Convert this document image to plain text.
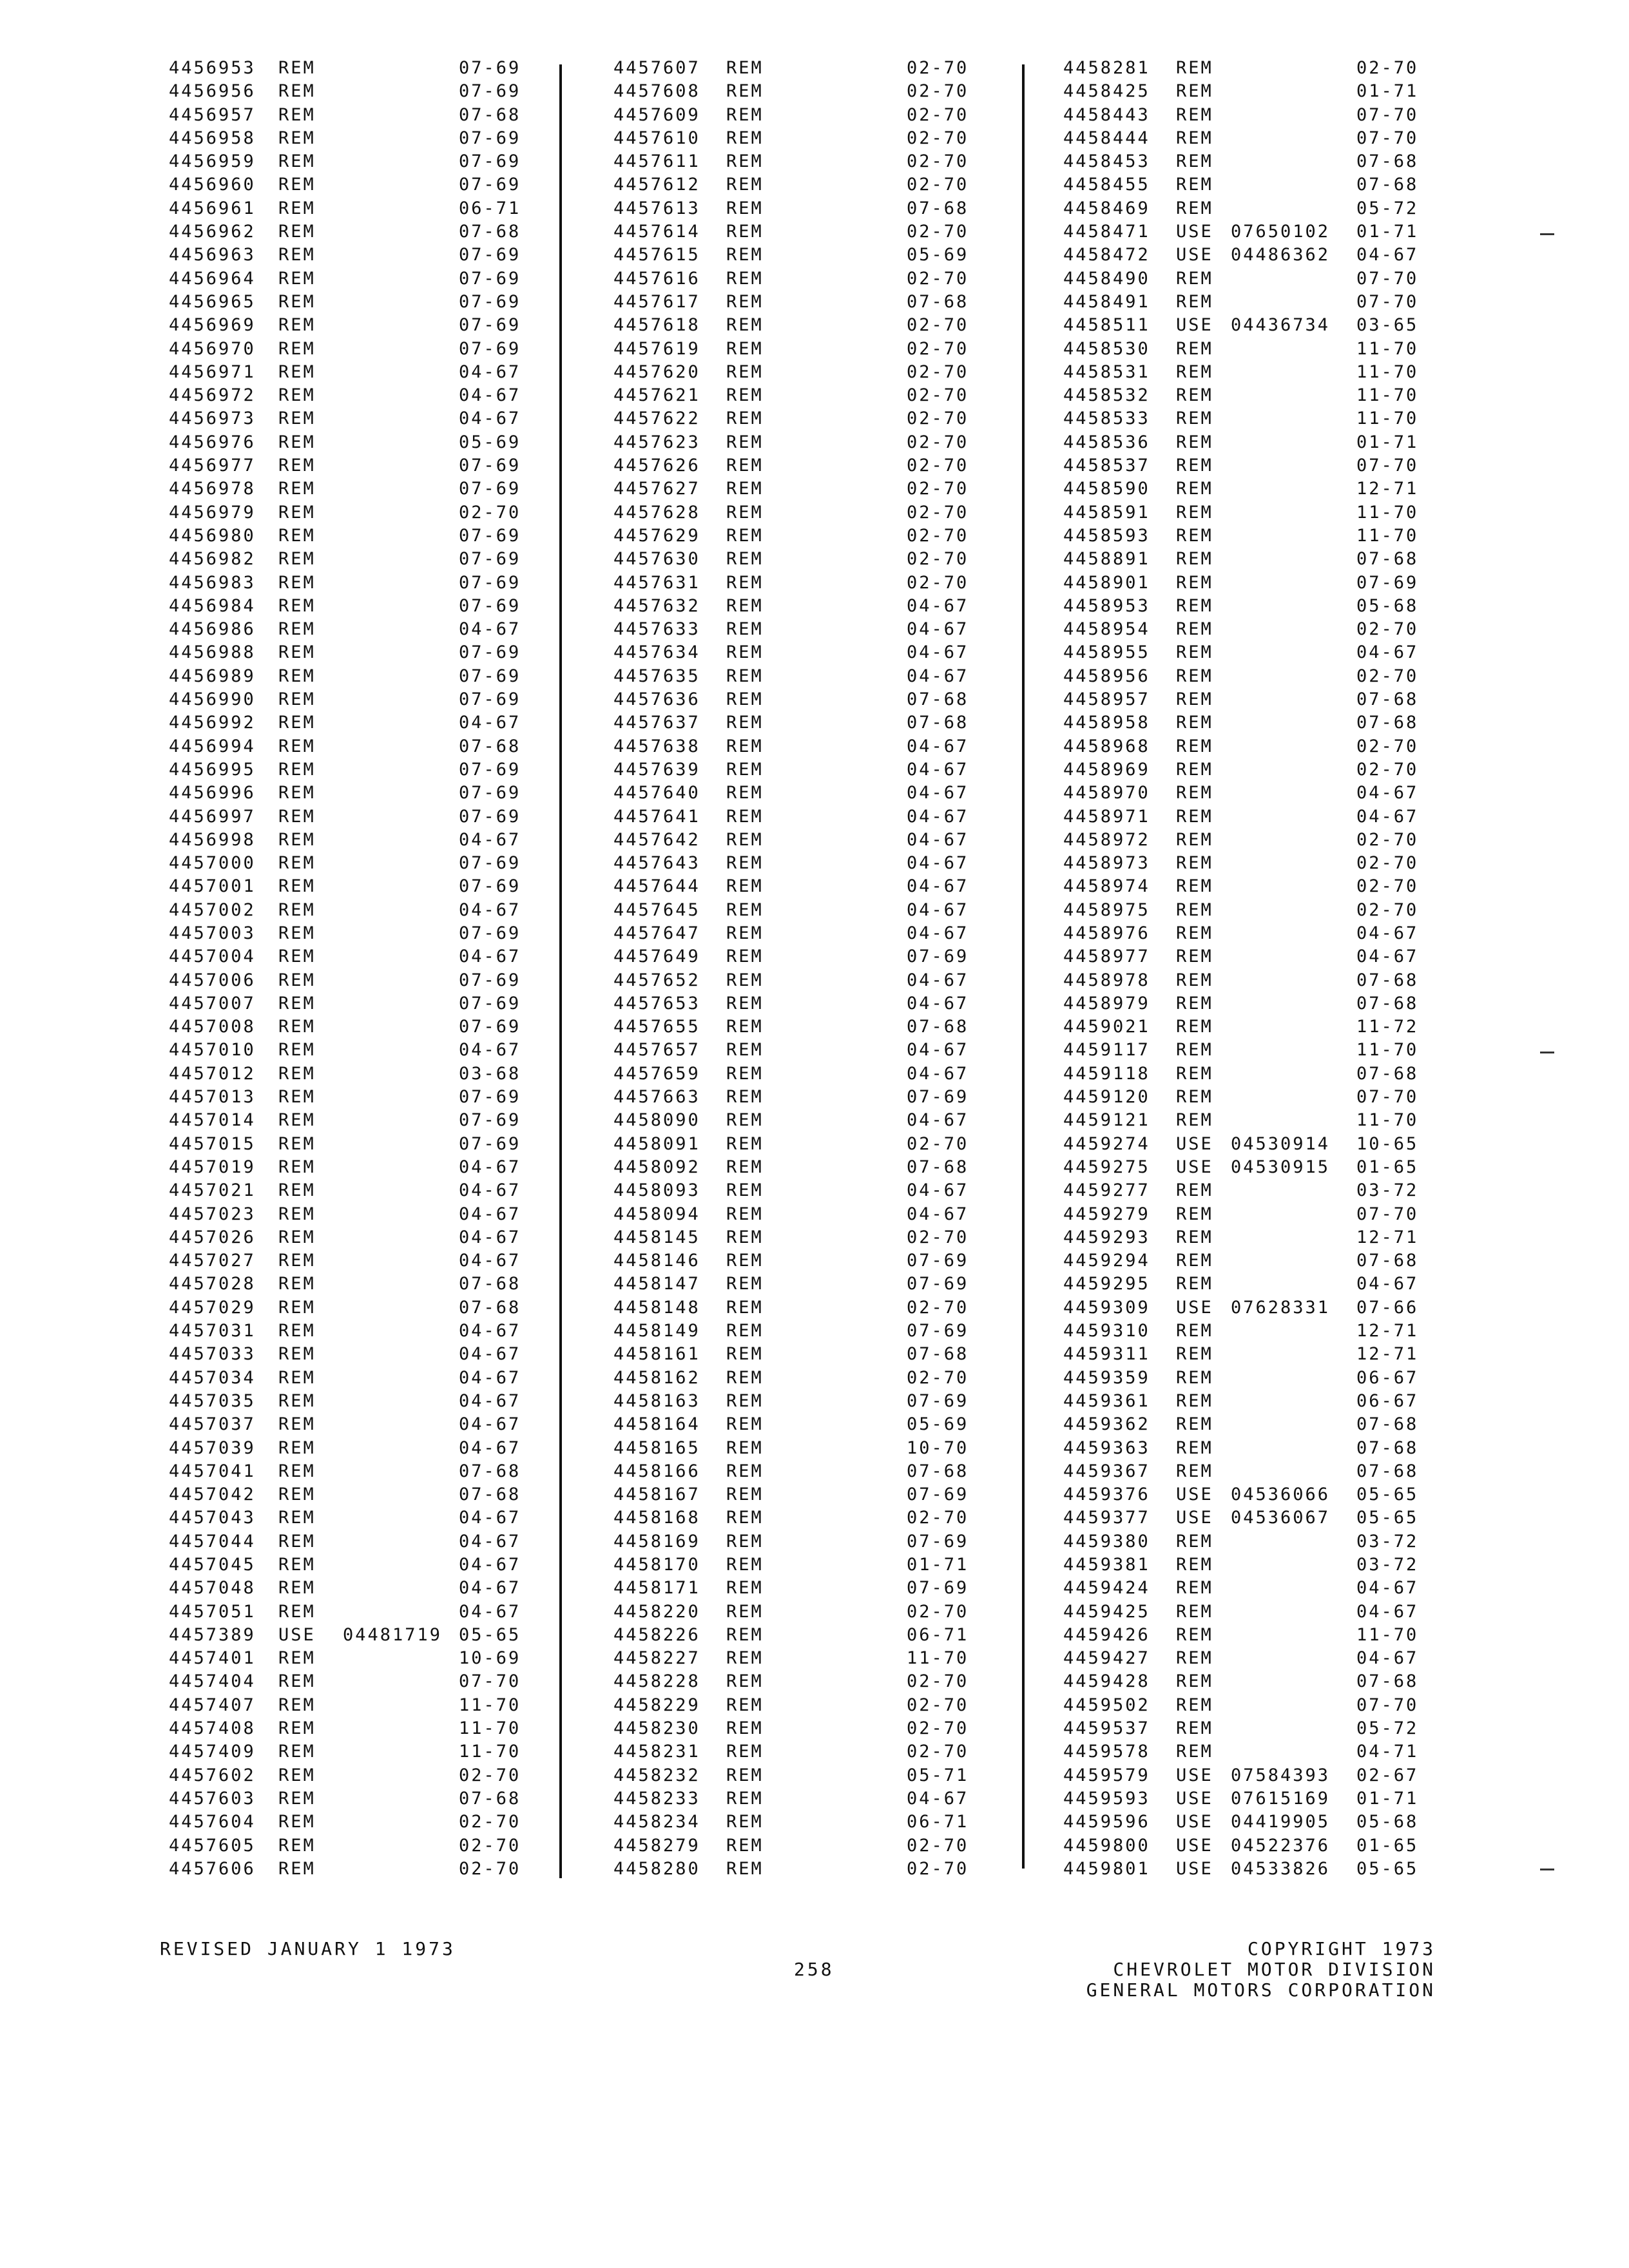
4456953 REM	07-69
4456956 REM	07-69
4456957 REM	07-68
4456958 REM	07-69
4456959 REM	07-69
4456960 REM	07-69
4456961 REM	06-71
4456962 REM	07-68
4456963 REM	07-69
4456964 REM	07-69
4456965 REM	07-69
4456969 REM	07-69
4456970 REM	07-69
4456971 REM	04-67
4456972 REM	04-67
4456973 REM	04-67
4456976 REM	05-69
4456977 REM	07-69
4456978 REM	07-69
4456979 REM	02-70
4456980 REM	07-69
4456982 REM	07-69
4456983 REM	07-69
4456984 REM	07-69
4456986 REM	04-67
4456988 REM	07-69
4456989 REM	07-69
4456990 REM	07-69
4456992 REM	04-67
4456994 REM	07-68
4456995 REM	07-69
4456996 REM	07-69
4456997 REM	07-69
4456998 REM	04-67
4457000 REM	07-69
4457001 REM	07-69
4457002 REM	04-67
4457003 REM	07-69
4457004 REM	04-67
4457006 REM	07-69
4457007 REM	07-69
4457008 REM	07-69
4457010 REM	04-67
4457012 REM	03-68
4457013 REM	07-69
4457014 REM	07-69
4457015 REM	07-69
4457019 REM	04-67
4457021 REM	04-67
4457023 REM	04-67
4457026 REM	04-67
4457027 REM	04-67
4457028 REM	07-68
4457029 REM	07-68
4457031 REM	04-67
4457033 REM	04-67
4457034 REM	04-67
4457035 REM	04-67
4457037 REM	04-67
4457039 REM	04-67
4457041 REM	07-68
4457042 REM	07-68
4457043 REM	04-67
4457044 REM	04-67
4457045 REM	04-67
4457048 REM	04-67
4457051 REM	04-67
4457389 USE 04481719 05-65
4457401 REM	10-69
4457404 REM	07-70
4457407 REM	11-70
4457408 REM	11-70
4457409 REM	11-70
4457602 REM	02-70
4457603 REM	07-68
4457604 REM	02-70
4457605 REM	02-70
4457606 REM	02-70
4457607 REM	02-70
4457608 REM	02-70
4457609 REM	02-70
4457610 REM	02-70
4457611 REM	02-70
4457612 REM	02-70
4457613 REM	07-68
4457614 REM	02-70
4457615 REM	05-69
4457616 REM	02-70
4457617 REM	07-68
4457618 REM	02-70
4457619 REM	02-70
4457620 REM	02-70
4457621 REM	02-70
4457622 REM	02-70
4457623 REM	02-70
4457626 REM	02-70
4457627 REM	02-70
4457628 REM	02-70
4457629 REM	02-70
4457630 REM	02-70
4457631 REM	02-70
4457632 REM	04-67
4457633 REM	04-67
4457634 REM	04-67
4457635 REM	04-67
4457636 REM	07-68
4457637 REM	07-68
4457638 REM	04-67
4457639 REM	04-67
4457640 REM	04-67
4457641 REM	04-67
4457642 REM	04-67
4457643 REM	04-67
4457644 REM	04-67
4457645 REM	04-67
4457647 REM	04-67
4457649 REM	07-69
4457652 REM	04-67
4457653 REM	04-67
4457655 REM	07-68
4457657 REM	04-67
4457659 REM	04-67
4457663 REM	07-69
4458090 REM	04-67
4458091 REM	02-70
4458092 REM	07-68
4458093 REM	04-67
4458094 REM	04-67
4458145 REM	02-70
4458146 REM	07-69
4458147 REM	07-69
4458148 REM	02-70
4458149 REM	07-69
4458161 REM	07-68
4458162 REM	02-70
4458163 REM	07-69
4458164 REM	05-69
4458165 REM	10-70
4458166 REM	07-68
4458167 REM	07-69
4458168 REM	02-70
4458169 REM	07-69
4458170 REM	01-71
4458171 REM	07-69
4458220 REM	02-70
4458226 REM	06-71
4458227 REM	11-70
4458228 REM	02-70
4458229 REM	02-70
4458230 REM	02-70
4458231 REM	02-70
4458232 REM	05-71
4458233 REM	04-67
4458234 REM	06-71
4458279 REM	02-70
4458280 REM	02-70
4458281 REM	02-70
4458425 REM	01-71
4458443 REM	07-70
4458444 REM	07-70
4458453 REM	07-68
4458455 REM	07-68
4458469 REM	05-72
4458471 USE 07650102 01-71
4458472 USE 04486362 04-67
4458490 REM	07-70
4458491 REM	07-70
4458511 USE 04436734 03-65
4458530 REM	11-70
4458531 REM	11-70
4458532 REM	11-70
4458533 REM	11-70
4458536 REM	01-71
4458537 REM	07-70
4458590 REM	12-71
4458591 REM	11-70
4458593 REM	11-70
4458891 REM	07-68
4458901 REM	07-69
4458953 REM	05-68
4458954 REM	02-70
4458955 REM	04-67
4458956 REM	02-70
4458957 REM	07-68
4458958 REM	07-68
4458968 REM	02-70
4458969 REM	02-70
4458970 REM	04-67
4458971 REM	04-67
4458972 REM	02-70
4458973 REM	02-70
4458974 REM	02-70
4458975 REM	02-70
4458976 REM	04-67
4458977 REM	04-67
4458978 REM	07-68
4458979 REM	07-68
4459021 REM	11-72
4459117 REM	11-70
4459118 REM	07-68
4459120 REM	07-70
4459121 REM	11-70
4459274 USE 04530914 10-65
4459275 USE 04530915 01-65
4459277 REM	03-72
4459279 REM	07-70
4459293 REM	12-71
4459294 REM	07-68
4459295 REM	04-67
4459309 USE 07628331 07-66
4459310 REM	12-71
4459311 REM	12-71
4459359 REM	06-67
4459361 REM	06-67
4459362 REM	07-68
4459363 REM	07-68
4459367 REM	07-68
4459376 USE 04536066 05-65
4459377 USE 04536067 05-65
4459380 REM	03-72
4459381 REM	03-72
4459424 REM	04-67
4459425 REM	04-67
4459426 REM	11-70
4459427 REM	04-67
4459428 REM	07-68
4459502 REM	07-70
4459537 REM	05-72
4459578 REM	04-71
4459579 USE 07584393 02-67
4459593 USE 07615169 01-71
4459596 USE 04419905 05-68
4459800 USE 04522376 01-65
4459801 USE 04533826 05-65
REVISED JANUARY 1 1973
258
COPYRIGHT 1973
CHEVROLET MOTOR DIVISION
GENERAL MOTORS CORPORATION
